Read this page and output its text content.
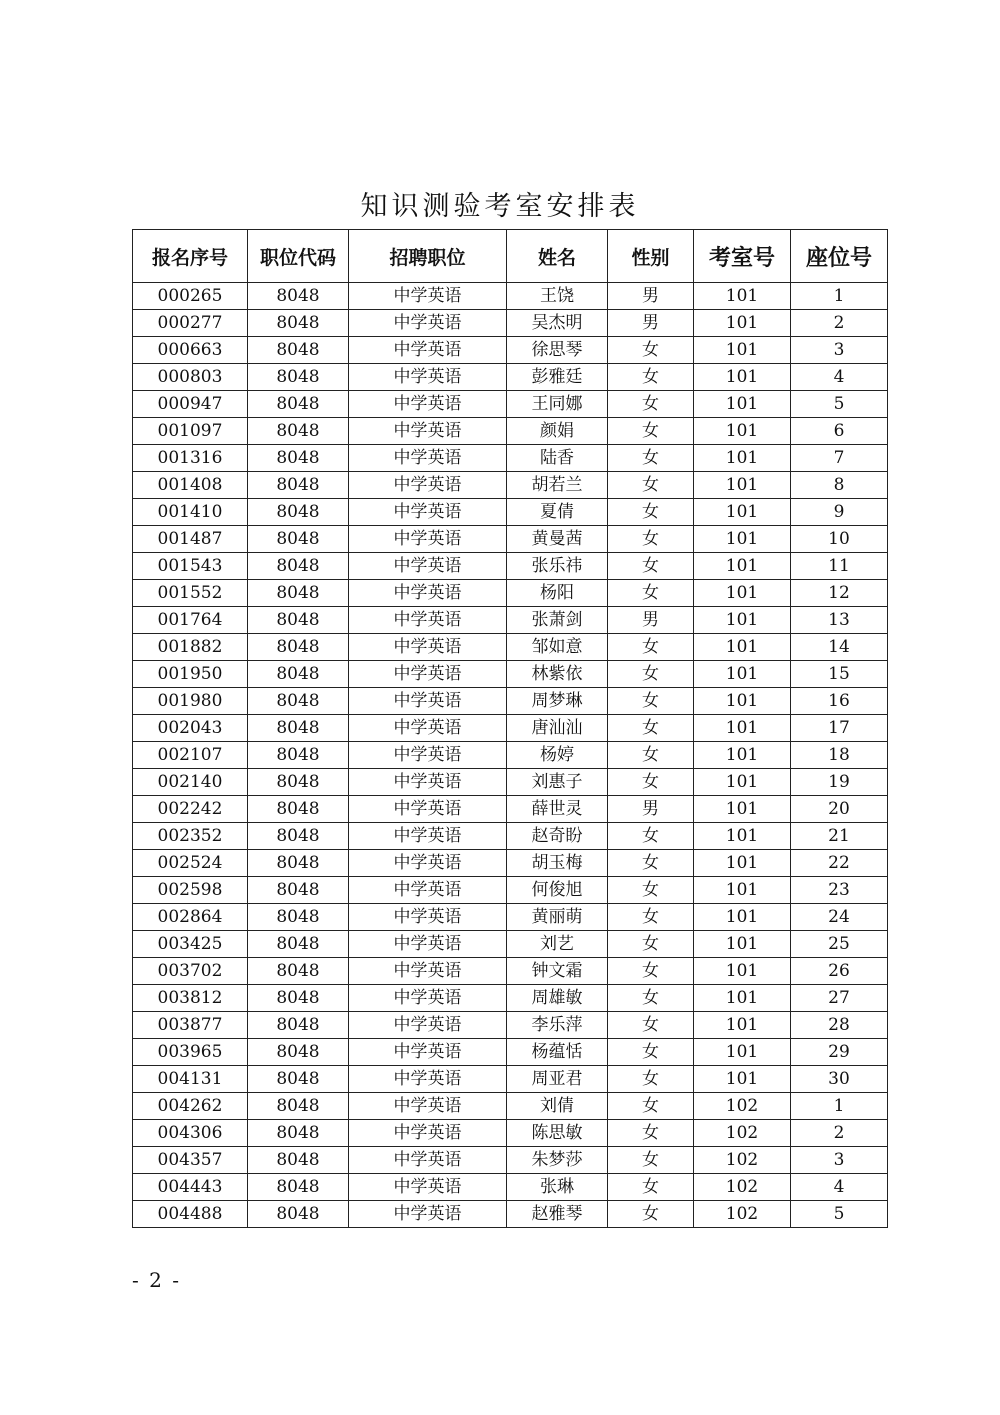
知识测验考室安排表
报名序号	职位代码	招聘职位	姓名	性别	考室号	座位号
000265	8048	中学英语	王饶	男	101	1
000277	8048	中学英语	吴杰明	男	101	2
000663	8048	中学英语	徐思琴	女	101	3
000803	8048	中学英语	彭雅廷	女	101	4
000947	8048	中学英语	王同娜	女	101	5
001097	8048	中学英语	颜娟	女	101	6
001316	8048	中学英语	陆香	女	101	7
001408	8048	中学英语	胡若兰	女	101	8
001410	8048	中学英语	夏倩	女	101	9
001487	8048	中学英语	黄曼茜	女	101	10
001543	8048	中学英语	张乐祎	女	101	11
001552	8048	中学英语	杨阳	女	101	12
001764	8048	中学英语	张萧剑	男	101	13
001882	8048	中学英语	邹如意	女	101	14
001950	8048	中学英语	林紫依	女	101	15
001980	8048	中学英语	周梦琳	女	101	16
002043	8048	中学英语	唐汕汕	女	101	17
002107	8048	中学英语	杨婷	女	101	18
002140	8048	中学英语	刘惠子	女	101	19
002242	8048	中学英语	薛世灵	男	101	20
002352	8048	中学英语	赵奇盼	女	101	21
002524	8048	中学英语	胡玉梅	女	101	22
002598	8048	中学英语	何俊旭	女	101	23
002864	8048	中学英语	黄丽萌	女	101	24
003425	8048	中学英语	刘艺	女	101	25
003702	8048	中学英语	钟文霜	女	101	26
003812	8048	中学英语	周雄敏	女	101	27
003877	8048	中学英语	李乐萍	女	101	28
003965	8048	中学英语	杨蕴恬	女	101	29
004131	8048	中学英语	周亚君	女	101	30
004262	8048	中学英语	刘倩	女	102	1
004306	8048	中学英语	陈思敏	女	102	2
004357	8048	中学英语	朱梦莎	女	102	3
004443	8048	中学英语	张琳	女	102	4
004488	8048	中学英语	赵雅琴	女	102	5
- 2 -
